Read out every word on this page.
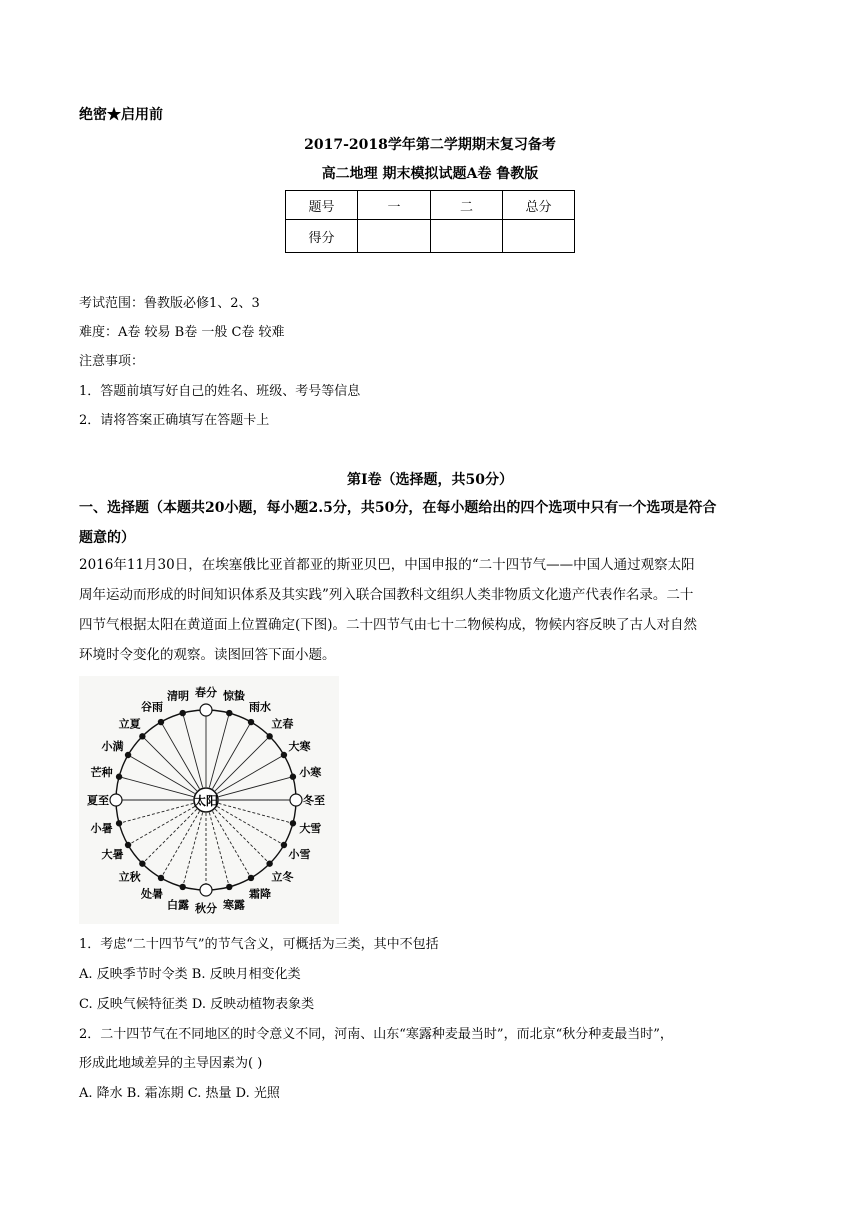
绝密★启用前
2017-2018学年第二学期期末复习备考
高二地理 期末模拟试题A卷 鲁教版
题号	一	二	总分
得分			
考试范围：鲁教版必修1、2、3
难度：A卷 较易 B卷 一般 C卷 较难
注意事项：
1．答题前填写好自己的姓名、班级、考号等信息
2．请将答案正确填写在答题卡上
第I卷（选择题，共50分）
一、选择题（本题共20小题，每小题2.5分，共50分，在每小题给出的四个选项中只有一个选项是符合
题意的）
2016年11月30日，在埃塞俄比亚首都亚的斯亚贝巴，中国申报的“二十四节气——中国人通过观察太阳
周年运动而形成的时间知识体系及其实践”列入联合国教科文组织人类非物质文化遗产代表作名录。二十
四节气根据太阳在黄道面上位置确定(下图)。二十四节气由七十二物候构成，物候内容反映了古人对自然
环境时令变化的观察。读图回答下面小题。
太阳	冬至
小寒
大寒
立春
雨水
惊蛰
春分
清明
谷雨
立夏
小满
芒种
夏至
小暑
大暑
立秋
处暑
白露 秋分 寒露
霜降
立冬
小雪
大雪
1．考虑“二十四节气”的节气含义，可概括为三类，其中不包括
A. 反映季节时令类 B. 反映月相变化类
C. 反映气候特征类 D. 反映动植物表象类
2．二十四节气在不同地区的时令意义不同，河南、山东“寒露种麦最当时”，而北京“秋分种麦最当时”，
形成此地域差异的主导因素为( )
A. 降水 B. 霜冻期 C. 热量 D. 光照
